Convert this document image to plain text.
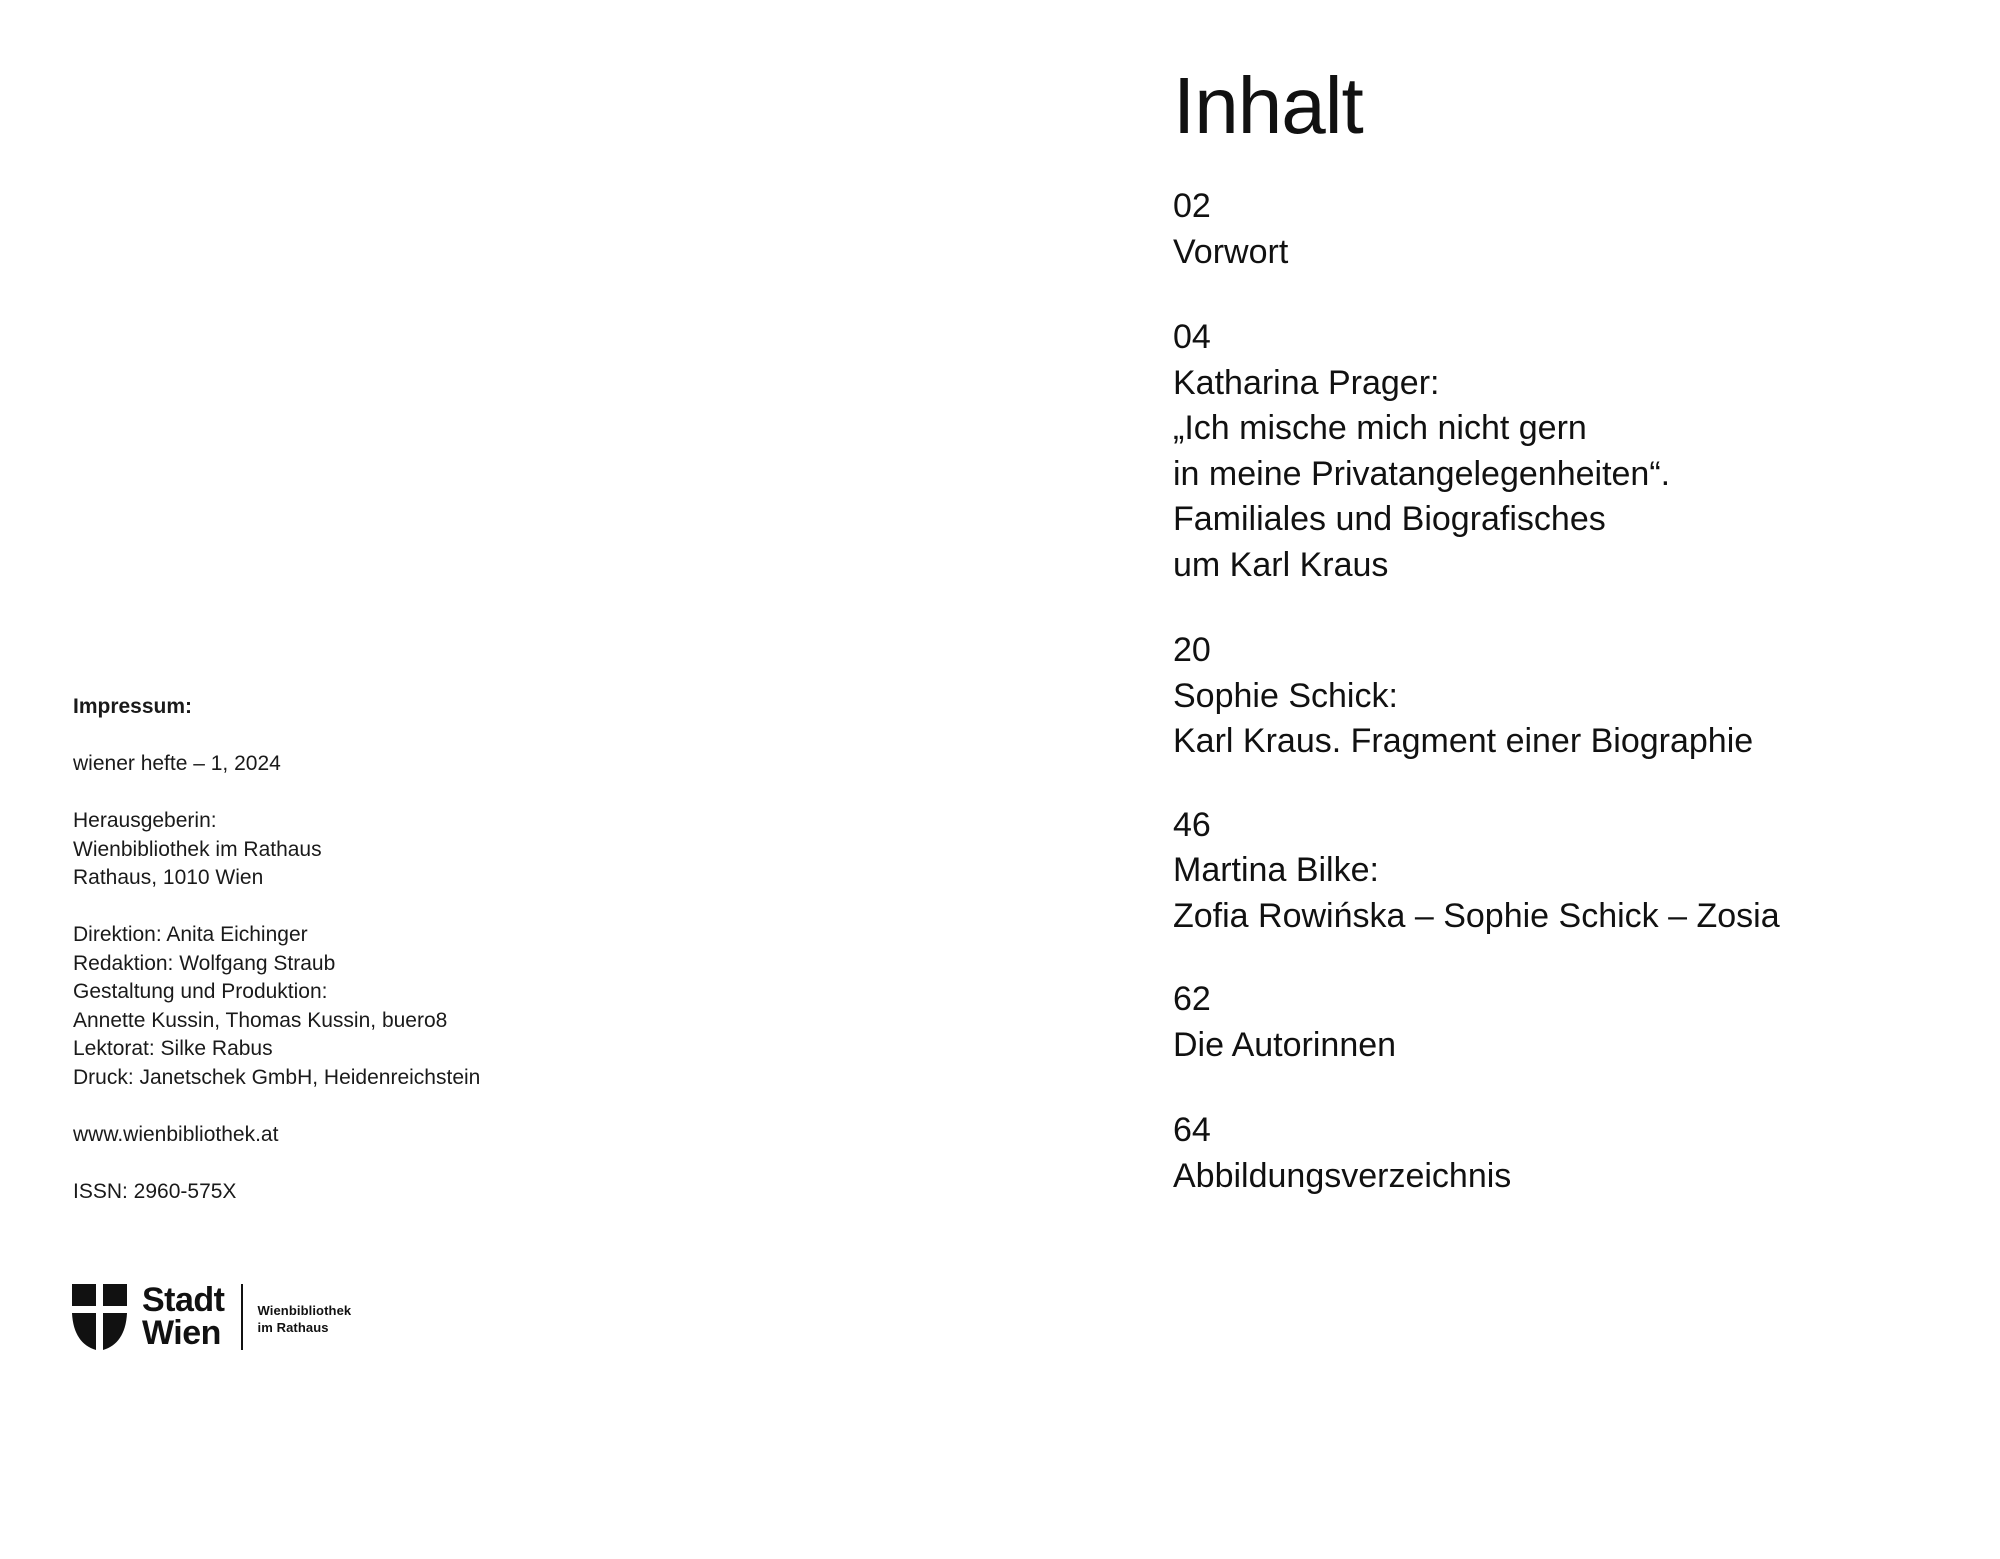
Impressum:
wiener hefte – 1, 2024
Herausgeberin:
Wienbibliothek im Rathaus
Rathaus, 1010 Wien
Direktion: Anita Eichinger
Redaktion: Wolfgang Straub
Gestaltung und Produktion:
Annette Kussin, Thomas Kussin, buero8
Lektorat: Silke Rabus
Druck: Janetschek GmbH, Heidenreichstein
www.wienbibliothek.at
ISSN: 2960-575X
Stadt
Wien
Wienbibliothek
im Rathaus
Inhalt
02
Vorwort
04
Katharina Prager:
„Ich mische mich nicht gern
in meine Privatangelegenheiten“.
Familiales und Biografisches
um Karl Kraus
20
Sophie Schick:
Karl Kraus. Fragment einer Biographie
46
Martina Bilke:
Zofia Rowińska – Sophie Schick – Zosia
62
Die Autorinnen
64
Abbildungsverzeichnis
